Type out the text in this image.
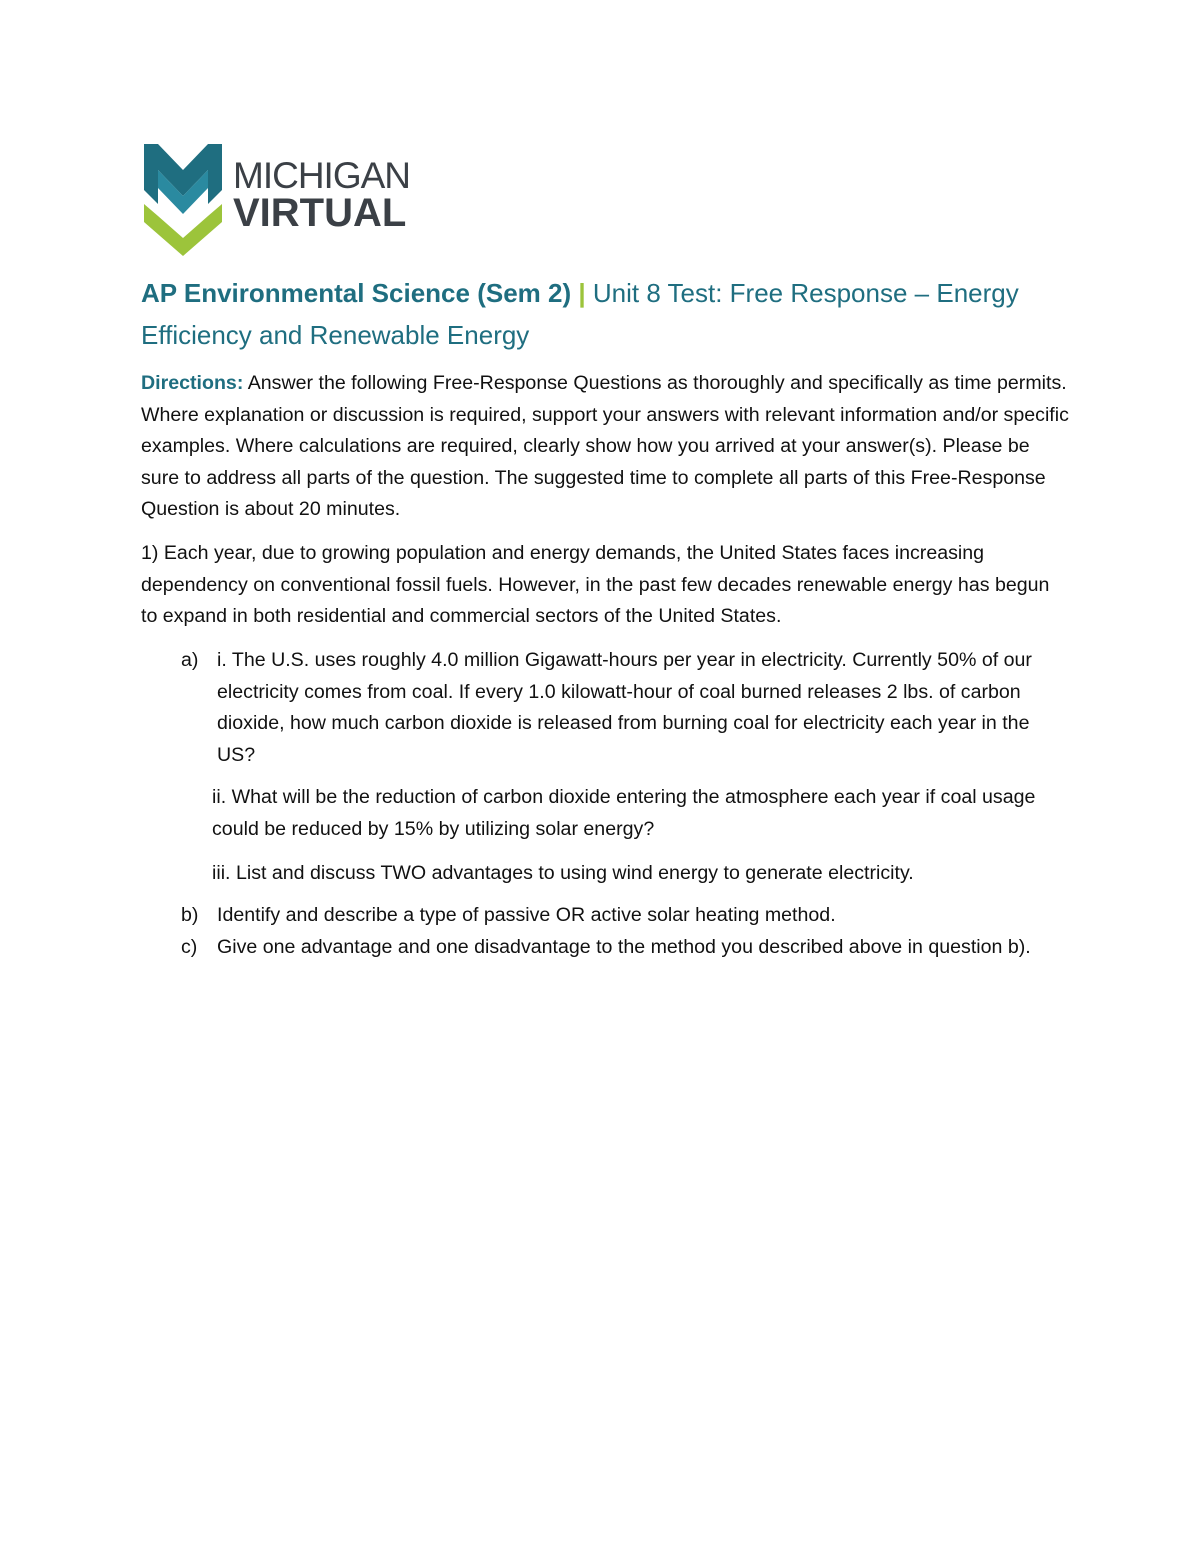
MICHIGAN
VIRTUAL
AP Environmental Science (Sem 2) | Unit 8 Test: Free Response – Energy Efficiency and Renewable Energy
Directions: Answer the following Free-Response Questions as thoroughly and specifically as time permits. Where explanation or discussion is required, support your answers with relevant information and/or specific examples. Where calculations are required, clearly show how you arrived at your answer(s). Please be sure to address all parts of the question. The suggested time to complete all parts of this Free-Response Question is about 20 minutes.
1) Each year, due to growing population and energy demands, the United States faces increasing dependency on conventional fossil fuels. However, in the past few decades renewable energy has begun to expand in both residential and commercial sectors of the United States.
a) i. The U.S. uses roughly 4.0 million Gigawatt-hours per year in electricity. Currently 50% of our electricity comes from coal. If every 1.0 kilowatt-hour of coal burned releases 2 lbs. of carbon dioxide, how much carbon dioxide is released from burning coal for electricity each year in the US?
ii. What will be the reduction of carbon dioxide entering the atmosphere each year if coal usage could be reduced by 15% by utilizing solar energy?
iii. List and discuss TWO advantages to using wind energy to generate electricity.
b) Identify and describe a type of passive OR active solar heating method.
c) Give one advantage and one disadvantage to the method you described above in question b).
